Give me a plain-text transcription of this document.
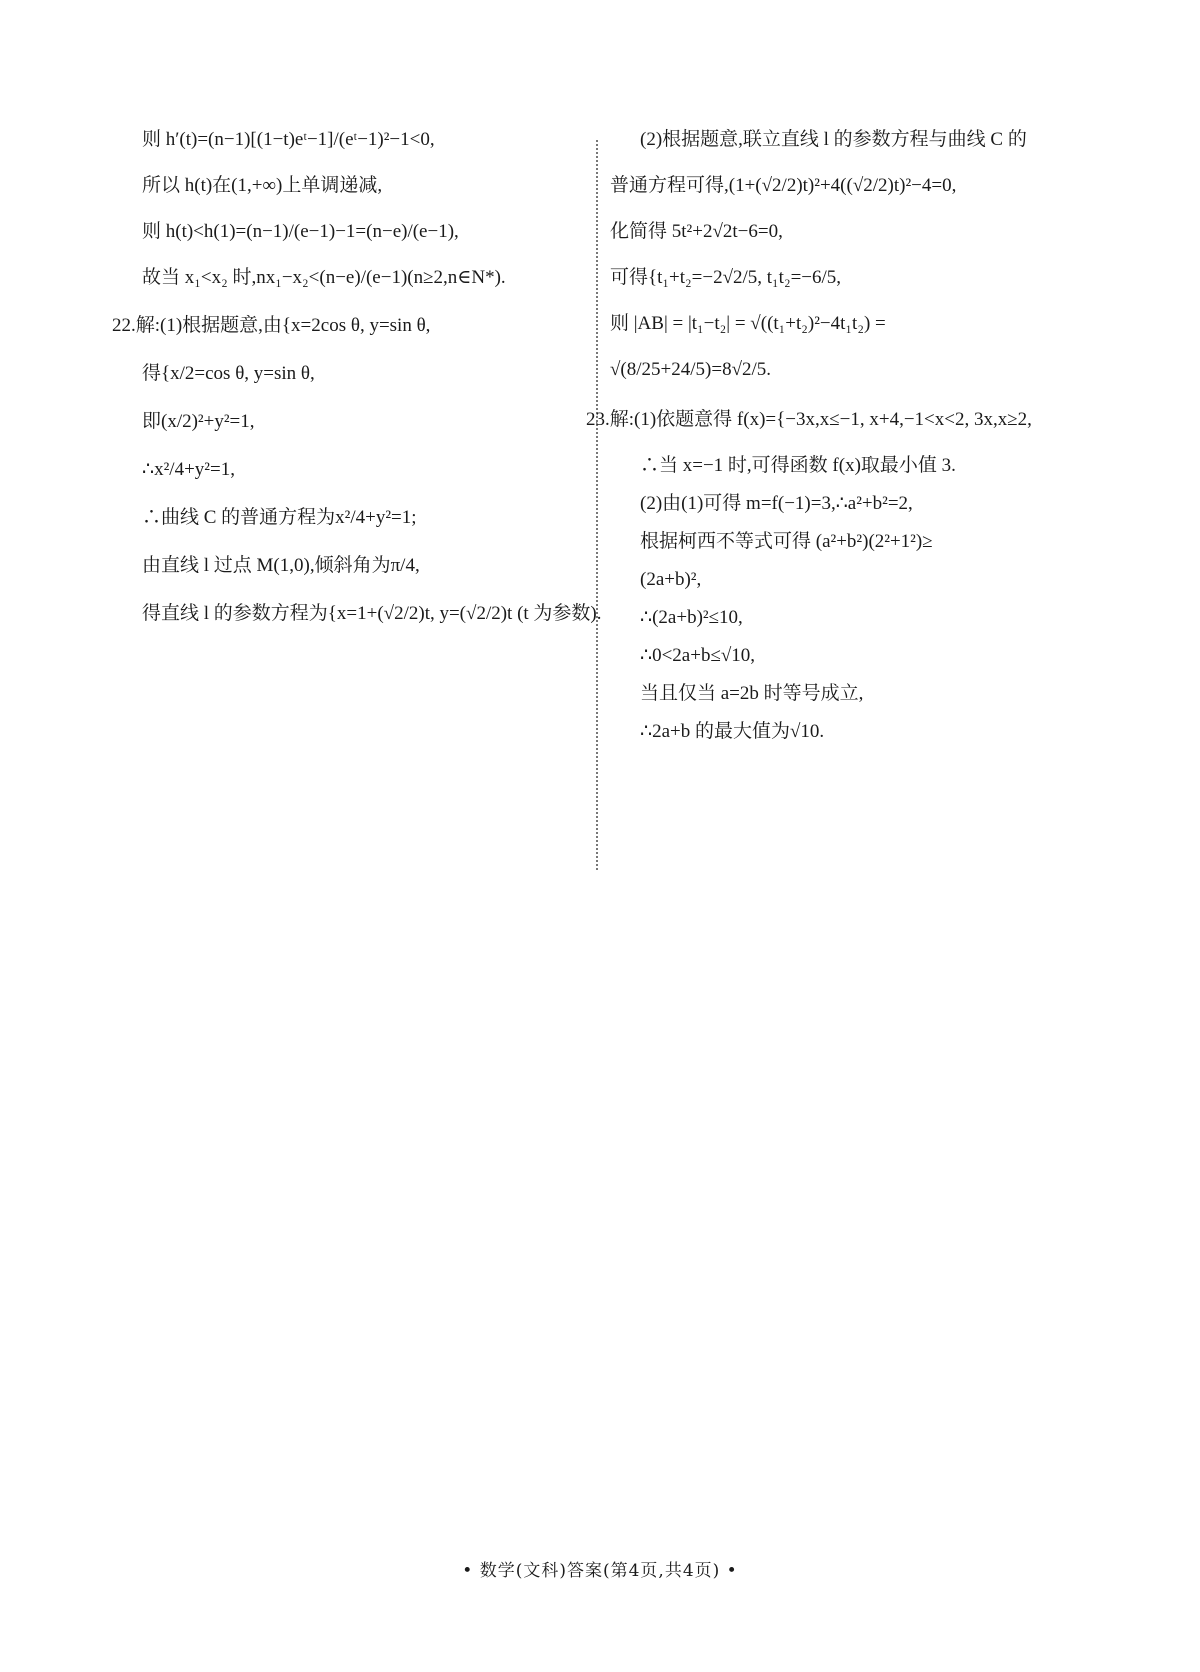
则 h′(t)=(n−1)[(1−t)eᵗ−1]/(eᵗ−1)²−1<0,
所以 h(t)在(1,+∞)上单调递减,
则 h(t)<h(1)=(n−1)/(e−1)−1=(n−e)/(e−1),
故当 x₁<x₂ 时,nx₁−x₂<(n−e)/(e−1)(n≥2,n∈N*).
22.解:(1)根据题意,由{x=2cos θ, y=sin θ,
得{x/2=cos θ, y=sin θ,
即(x/2)²+y²=1,
∴x²/4+y²=1,
∴曲线 C 的普通方程为x²/4+y²=1;
由直线 l 过点 M(1,0),倾斜角为π/4,
得直线 l 的参数方程为{x=1+(√2/2)t, y=(√2/2)t (t 为参数).
(2)根据题意,联立直线 l 的参数方程与曲线 C 的
普通方程可得,(1+(√2/2)t)²+4((√2/2)t)²−4=0,
化简得 5t²+2√2t−6=0,
可得{t₁+t₂=−2√2/5, t₁t₂=−6/5,
则 |AB| = |t₁−t₂| = √((t₁+t₂)²−4t₁t₂) =
√(8/25+24/5)=8√2/5.
23.解:(1)依题意得 f(x)={−3x,x≤−1, x+4,−1<x<2, 3x,x≥2,
∴当 x=−1 时,可得函数 f(x)取最小值 3.
(2)由(1)可得 m=f(−1)=3,∴a²+b²=2,
根据柯西不等式可得 (a²+b²)(2²+1²)≥
(2a+b)²,
∴(2a+b)²≤10,
∴0<2a+b≤√10,
当且仅当 a=2b 时等号成立,
∴2a+b 的最大值为√10.
• 数学(文科)答案(第4页,共4页) •
